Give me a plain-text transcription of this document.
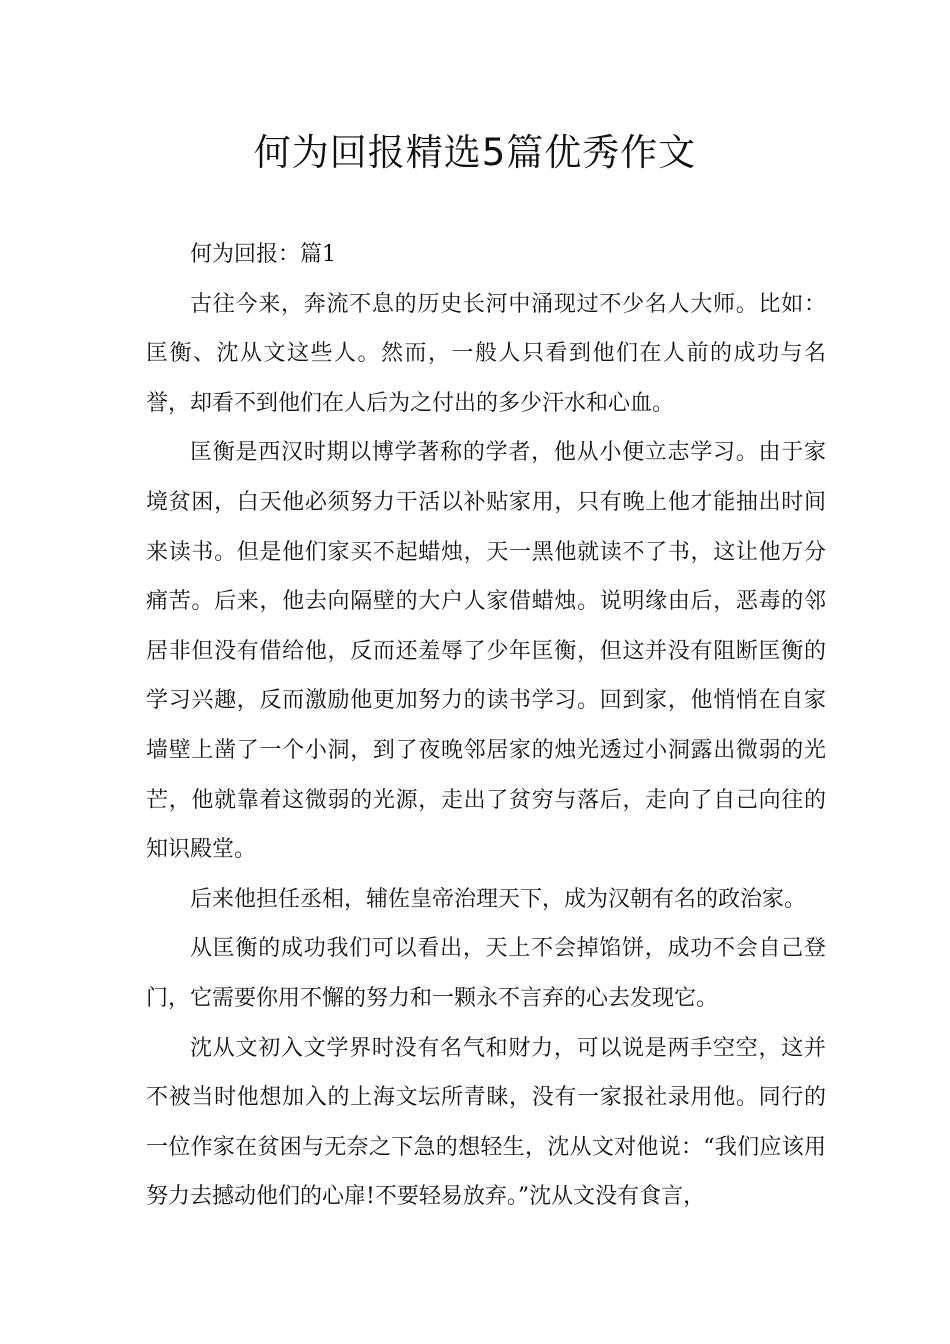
何为回报精选5篇优秀作文

何为回报：篇1

古往今来，奔流不息的历史长河中涌现过不少名人大师。比如：匡衡、沈从文这些人。然而，一般人只看到他们在人前的成功与名誉，却看不到他们在人后为之付出的多少汗水和心血。

匡衡是西汉时期以博学著称的学者，他从小便立志学习。由于家境贫困，白天他必须努力干活以补贴家用，只有晚上他才能抽出时间来读书。但是他们家买不起蜡烛，天一黑他就读不了书，这让他万分痛苦。后来，他去向隔壁的大户人家借蜡烛。说明缘由后，恶毒的邻居非但没有借给他，反而还羞辱了少年匡衡，但这并没有阻断匡衡的学习兴趣，反而激励他更加努力的读书学习。回到家，他悄悄在自家墙壁上凿了一个小洞，到了夜晚邻居家的烛光透过小洞露出微弱的光芒，他就靠着这微弱的光源，走出了贫穷与落后，走向了自己向往的知识殿堂。

后来他担任丞相，辅佐皇帝治理天下，成为汉朝有名的政治家。

从匡衡的成功我们可以看出，天上不会掉馅饼，成功不会自己登门，它需要你用不懈的努力和一颗永不言弃的心去发现它。

沈从文初入文学界时没有名气和财力，可以说是两手空空，这并不被当时他想加入的上海文坛所青睐，没有一家报社录用他。同行的一位作家在贫困与无奈之下急的想轻生，沈从文对他说：“我们应该用努力去撼动他们的心扉!不要轻易放弃。”沈从文没有食言，
